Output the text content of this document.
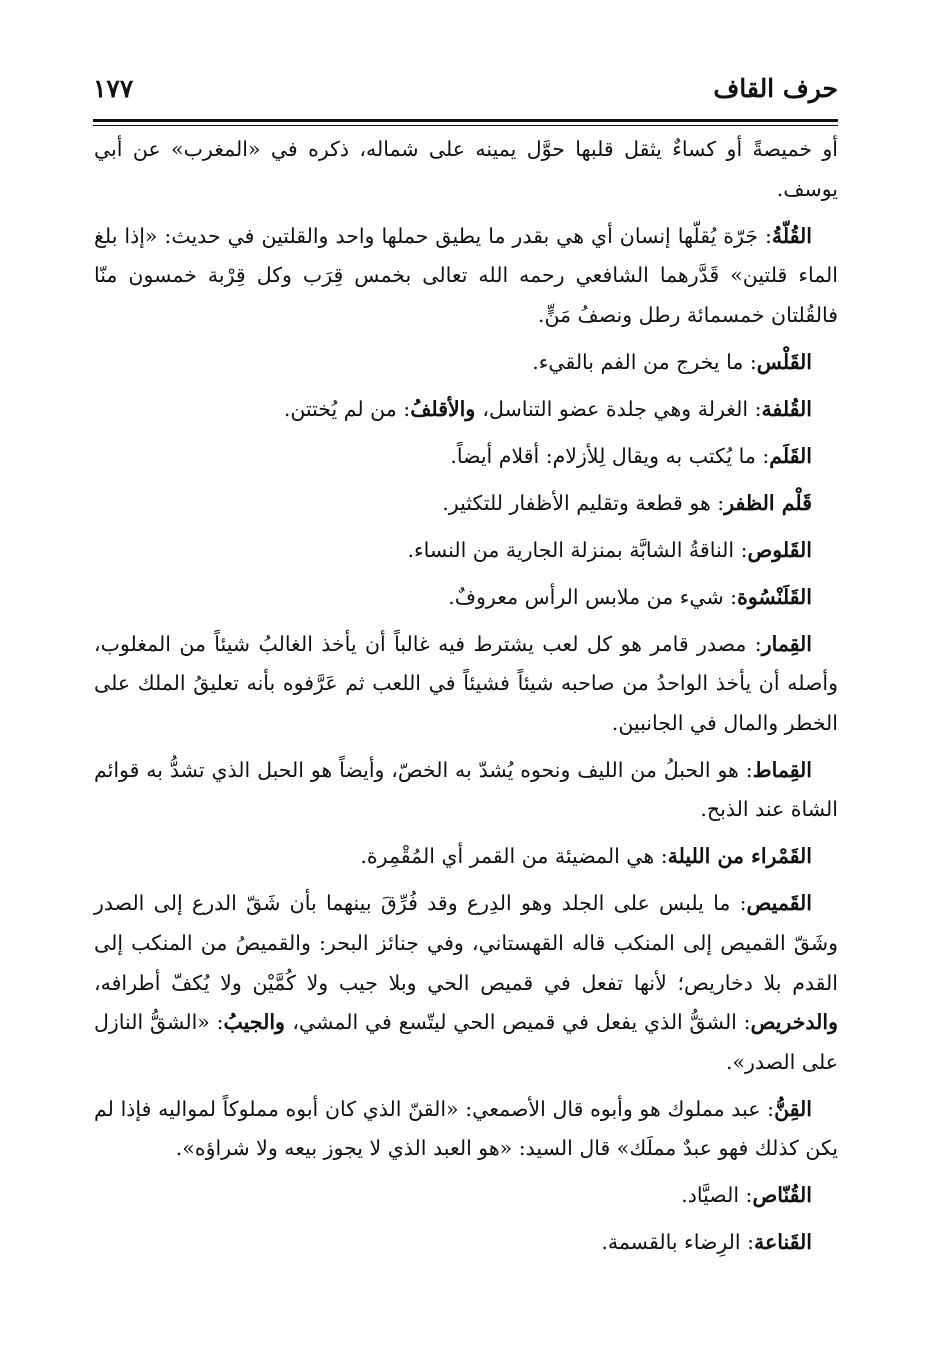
حرف القاف
١٧٧

أو خميصةً أو كساءٌ يثقل قلبها حوَّل يمينه على شماله، ذكره في «المغرب» عن أبي يوسف.

القُلّةُ: جَرّة يُقلّها إنسان أي هي بقدر ما يطيق حملها واحد والقلتين في حديث: «إذا بلغ الماء قلتين» قَدَّرهما الشافعي رحمه الله تعالى بخمس قِرَب وكل قِرْبة خمسون منّا فالقُلتان خمسمائة رطل ونصفُ مَنٍّ.

القَلْس: ما يخرج من الفم بالقيء.

القُلفة: الغرلة وهي جلدة عضو التناسل، والأقلفُ: من لم يُختتن.

القَلَم: ما يُكتب به ويقال لِلأزلام: أقلام أيضاً.

قَلْم الظفر: هو قطعة وتقليم الأظفار للتكثير.

القَلوص: الناقةُ الشابَّة بمنزلة الجارية من النساء.

القَلَنْسُوة: شيء من ملابس الرأس معروفٌ.

القِمار: مصدر قامر هو كل لعب يشترط فيه غالباً أن يأخذ الغالبُ شيئاً من المغلوب، وأصله أن يأخذ الواحدُ من صاحبه شيئاً فشيئاً في اللعب ثم عَرَّفوه بأنه تعليقُ الملك على الخطر والمال في الجانبين.

القِماط: هو الحبلُ من الليف ونحوه يُشدّ به الخصّ، وأيضاً هو الحبل الذي تشدُّ به قوائم الشاة عند الذبح.

القَمْراء من الليلة: هي المضيئة من القمر أي المُقْمِرة.

القَميص: ما يلبس على الجلد وهو الدِرع وقد فُرِّقَ بينهما بأن شَقّ الدرع إلى الصدر وشَقّ القميص إلى المنكب قاله القهستاني، وفي جنائز البحر: والقميصُ من المنكب إلى القدم بلا دخاريص؛ لأنها تفعل في قميص الحي وبلا جيب ولا كُمَّيْن ولا يُكفّ أطرافه، والدخريص: الشقُّ الذي يفعل في قميص الحي ليتّسع في المشي، والجيبُ: «الشقُّ النازل على الصدر».

القِنُّ: عبد مملوك هو وأبوه قال الأصمعي: «القنّ الذي كان أبوه مملوكاً لمواليه فإذا لم يكن كذلك فهو عبدٌ مملَك» قال السيد: «هو العبد الذي لا يجوز بيعه ولا شراؤه».

القُنّاص: الصيَّاد.

القَناعة: الرِضاء بالقسمة.
